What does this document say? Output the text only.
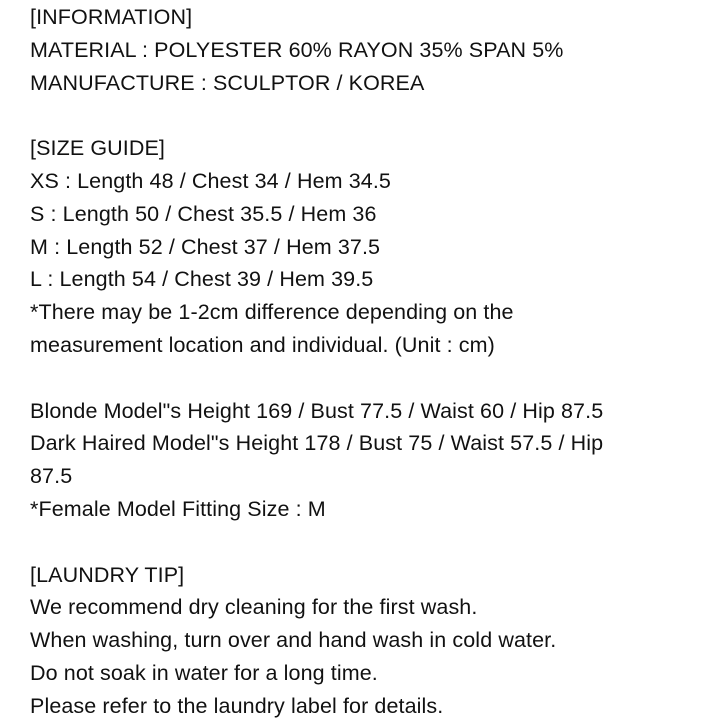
[INFORMATION]
MATERIAL : POLYESTER 60% RAYON 35% SPAN 5%
MANUFACTURE : SCULPTOR / KOREA
[SIZE GUIDE]
XS : Length 48 / Chest 34 / Hem 34.5
S : Length 50 / Chest 35.5 / Hem 36
M : Length 52 / Chest 37 / Hem 37.5
L : Length 54 / Chest 39 / Hem 39.5
*There may be 1-2cm difference depending on the
measurement location and individual. (Unit : cm)
Blonde Model"s Height 169 / Bust 77.5 / Waist 60 / Hip 87.5
Dark Haired Model"s Height 178 / Bust 75 / Waist 57.5 / Hip
87.5
*Female Model Fitting Size : M
[LAUNDRY TIP]
We recommend dry cleaning for the first wash.
When washing, turn over and hand wash in cold water.
Do not soak in water for a long time.
Please refer to the laundry label for details.
